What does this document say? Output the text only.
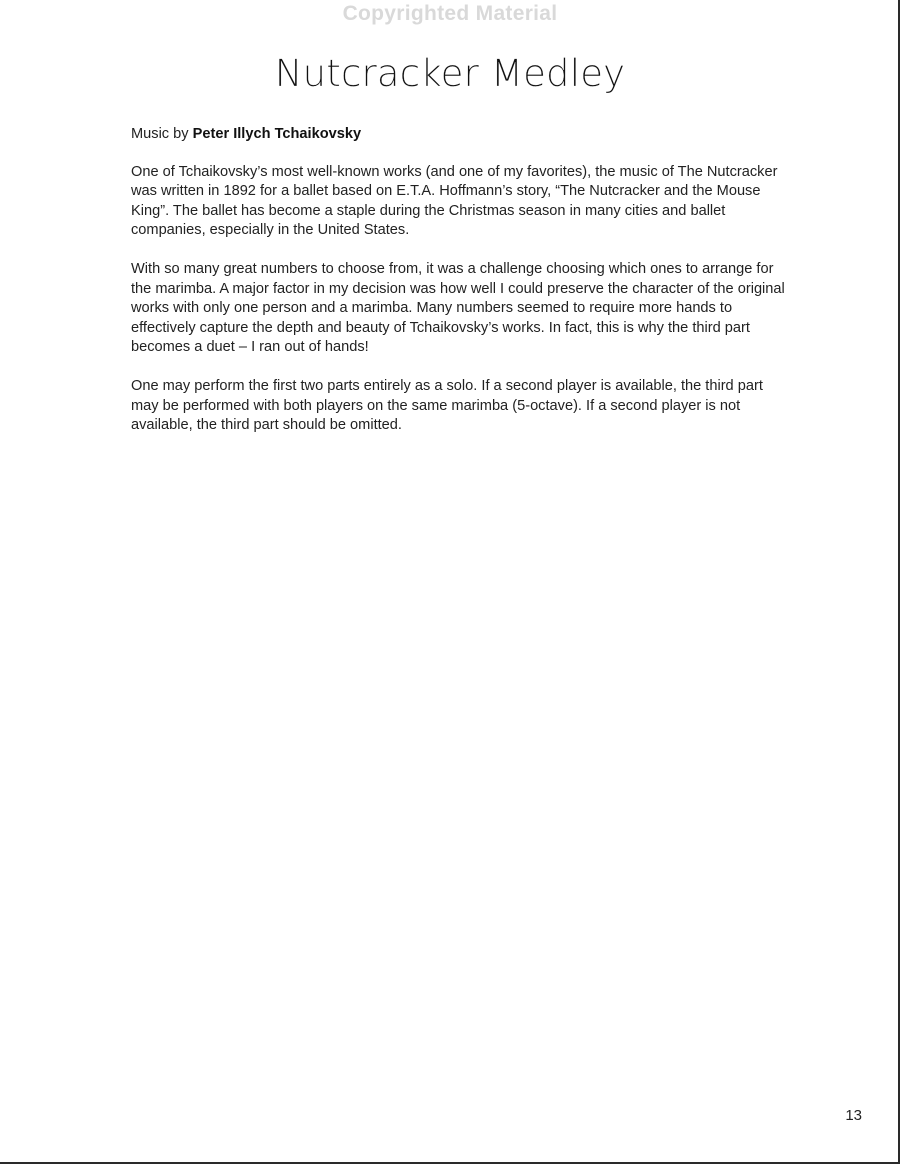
Copyrighted Material
Nutcracker Medley

Music by Peter Illych Tchaikovsky

One of Tchaikovsky’s most well-known works (and one of my favorites), the music of The Nutcracker was written in 1892 for a ballet based on E.T.A. Hoffmann’s story, “The Nutcracker and the Mouse King”. The ballet has become a staple during the Christmas season in many cities and ballet companies, especially in the United States.

With so many great numbers to choose from, it was a challenge choosing which ones to arrange for the marimba. A major factor in my decision was how well I could preserve the character of the original works with only one person and a marimba. Many numbers seemed to require more hands to effectively capture the depth and beauty of Tchaikovsky’s works. In fact, this is why the third part becomes a duet – I ran out of hands!

One may perform the first two parts entirely as a solo. If a second player is available, the third part may be performed with both players on the same marimba (5-octave). If a second player is not available, the third part should be omitted.

13
